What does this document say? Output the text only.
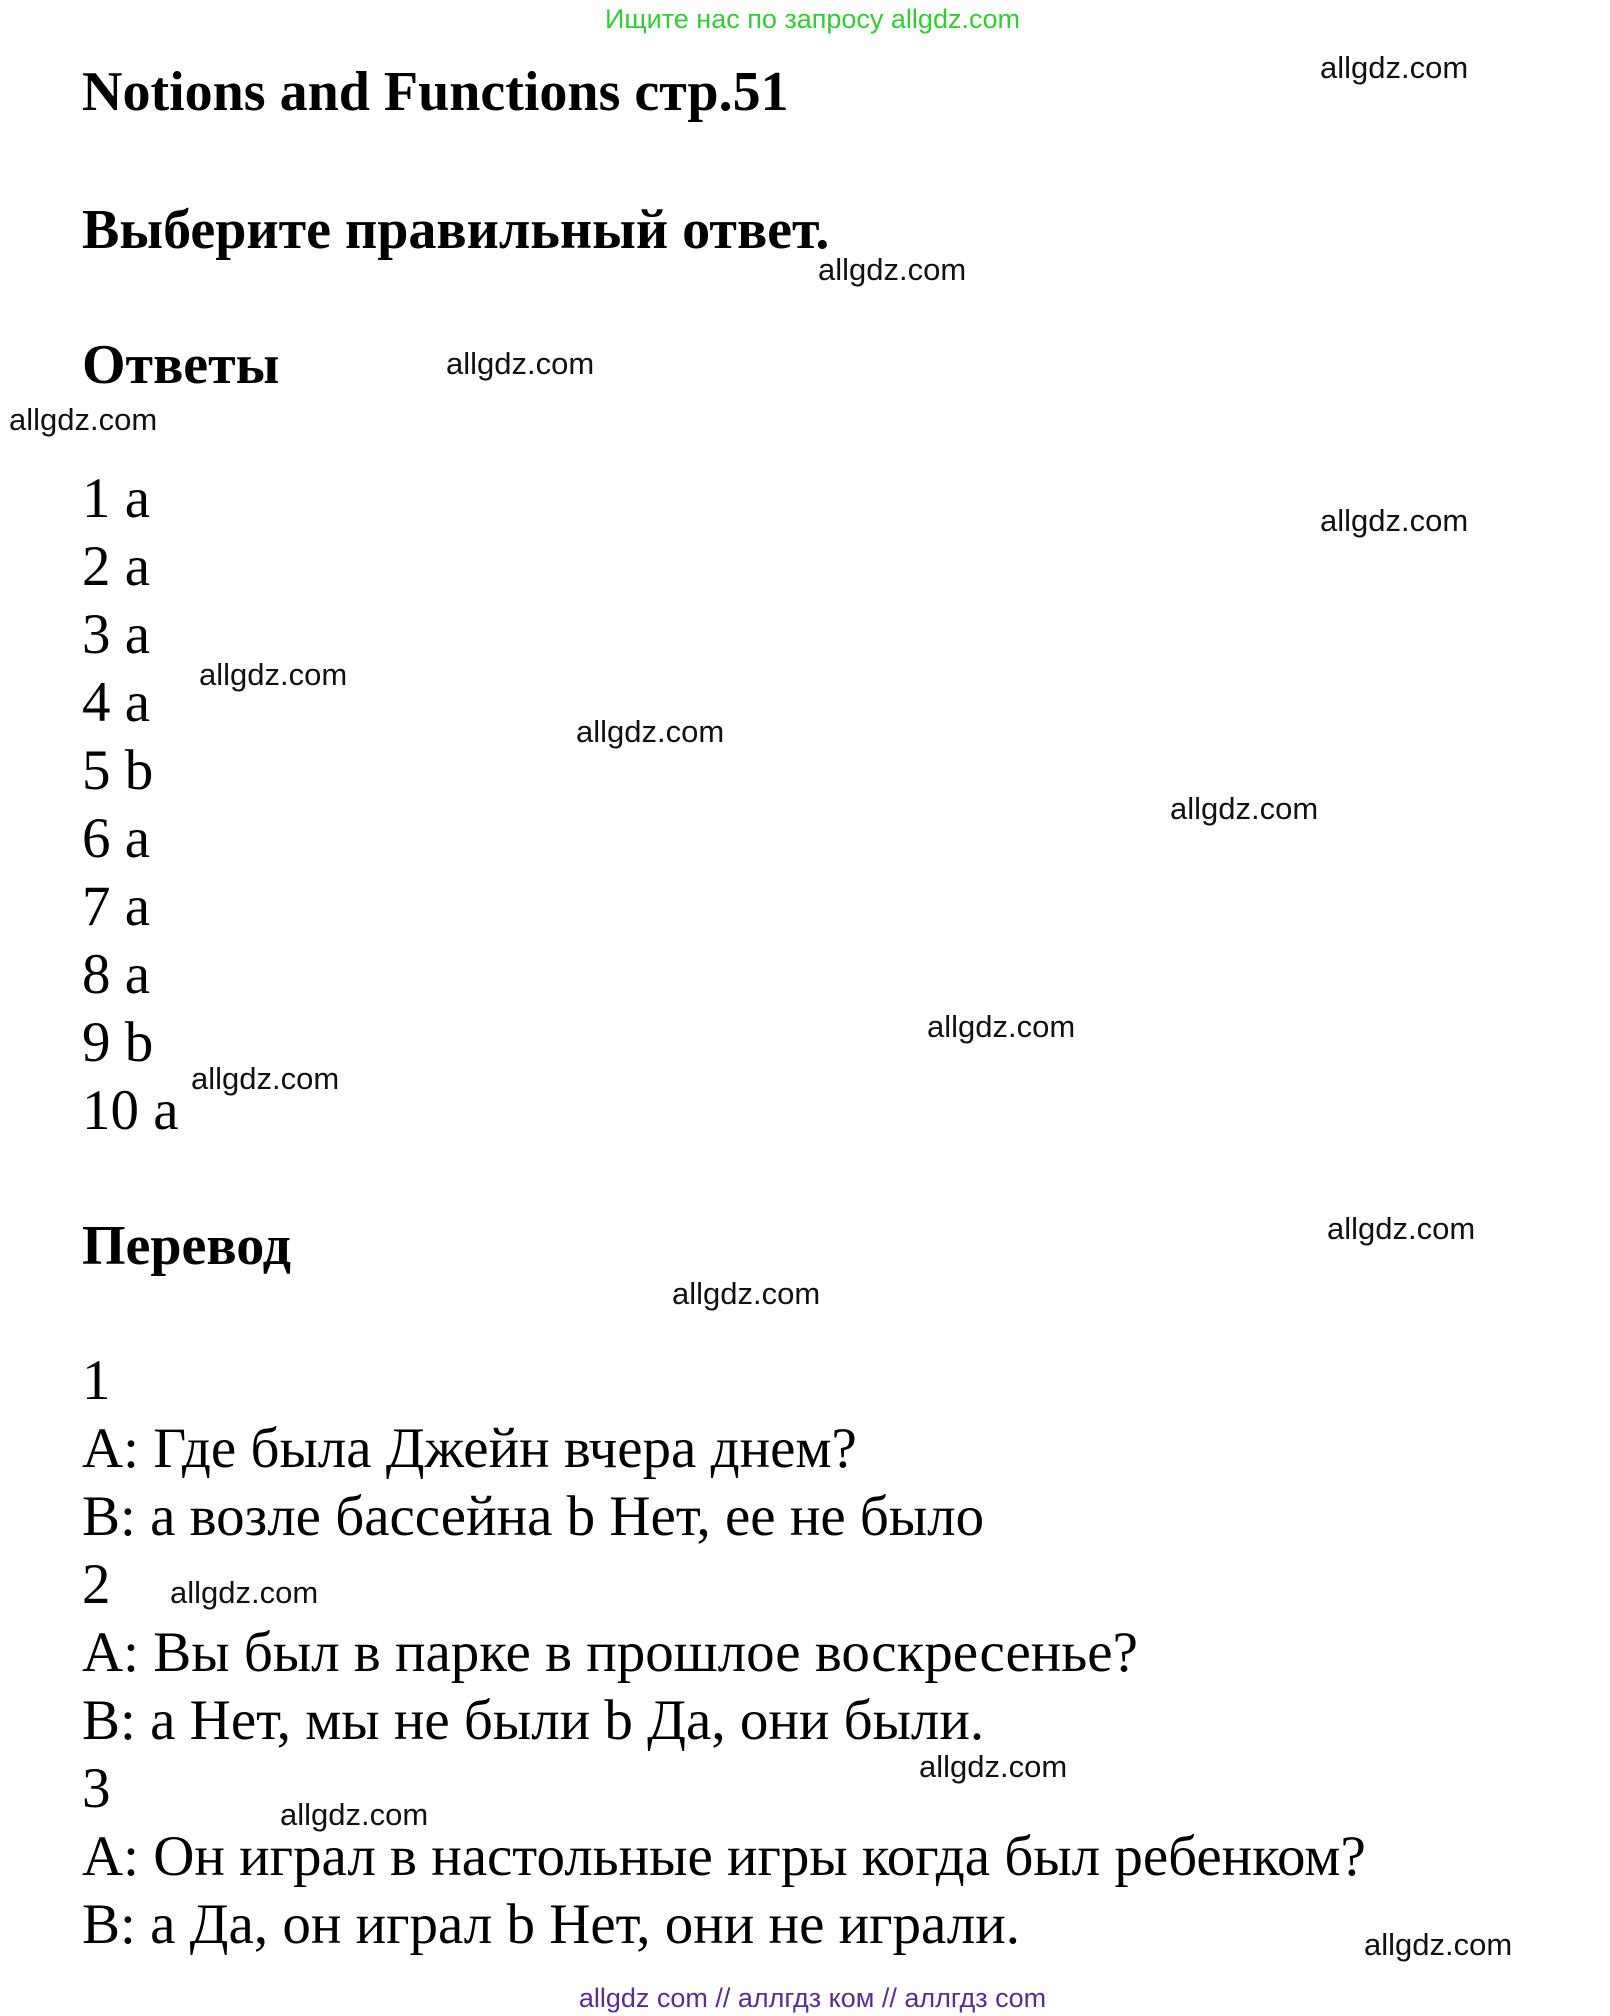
Ищите нас по запросу allgdz.com
Notions and Functions стр.51
Выберите правильный ответ.
Ответы
1 a
2 a
3 a
4 a
5 b
6 a
7 a
8 a
9 b
10 a
Перевод
1
A: Где была Джейн вчера днем?
B: а возле бассейна b Нет, ее не было
2
A: Вы был в парке в прошлое воскресенье?
B: а Нет, мы не были b Да, они были.
3
A: Он играл в настольные игры когда был ребенком?
B: а Да, он играл b Нет, они не играли.
allgdz.com
allgdz.com
allgdz.com
allgdz.com
allgdz.com
allgdz.com
allgdz.com
allgdz.com
allgdz.com
allgdz.com
allgdz.com
allgdz.com
allgdz.com
allgdz.com
allgdz.com
allgdz.com
allgdz com // аллгдз ком // аллгдз com
